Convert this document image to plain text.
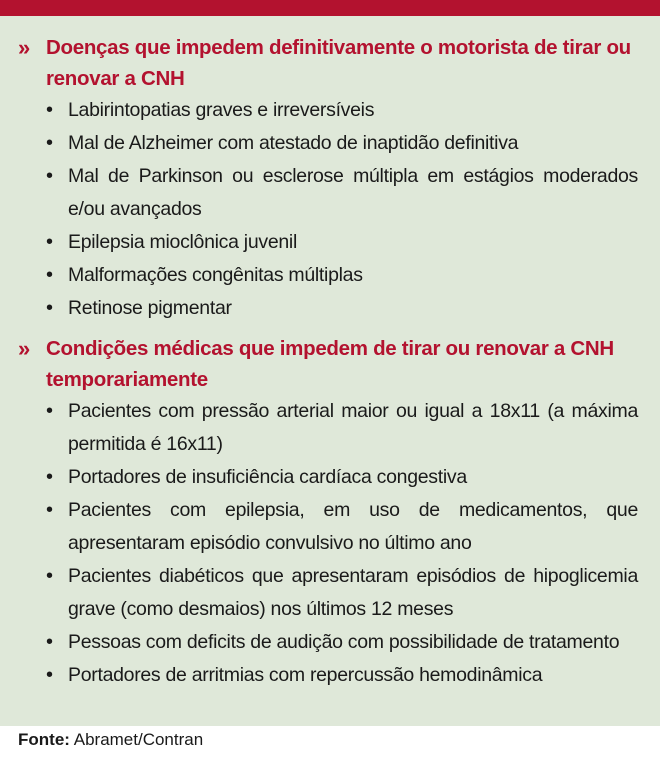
» Doenças que impedem definitivamente o motorista de tirar ou renovar a CNH
• Labirintopatias graves e irreversíveis
• Mal de Alzheimer com atestado de inaptidão definitiva
• Mal de Parkinson ou esclerose múltipla em estágios moderados e/ou avançados
• Epilepsia mioclônica juvenil
• Malformações congênitas múltiplas
• Retinose pigmentar
» Condições médicas que impedem de tirar ou renovar a CNH temporariamente
• Pacientes com pressão arterial maior ou igual a 18x11 (a máxima permitida é 16x11)
• Portadores de insuficiência cardíaca congestiva
• Pacientes com epilepsia, em uso de medicamentos, que apresentaram episódio convulsivo no último ano
• Pacientes diabéticos que apresentaram episódios de hipoglicemia grave (como desmaios) nos últimos 12 meses
• Pessoas com deficits de audição com possibilidade de tratamento
• Portadores de arritmias com repercussão hemodinâmica
Fonte: Abramet/Contran
